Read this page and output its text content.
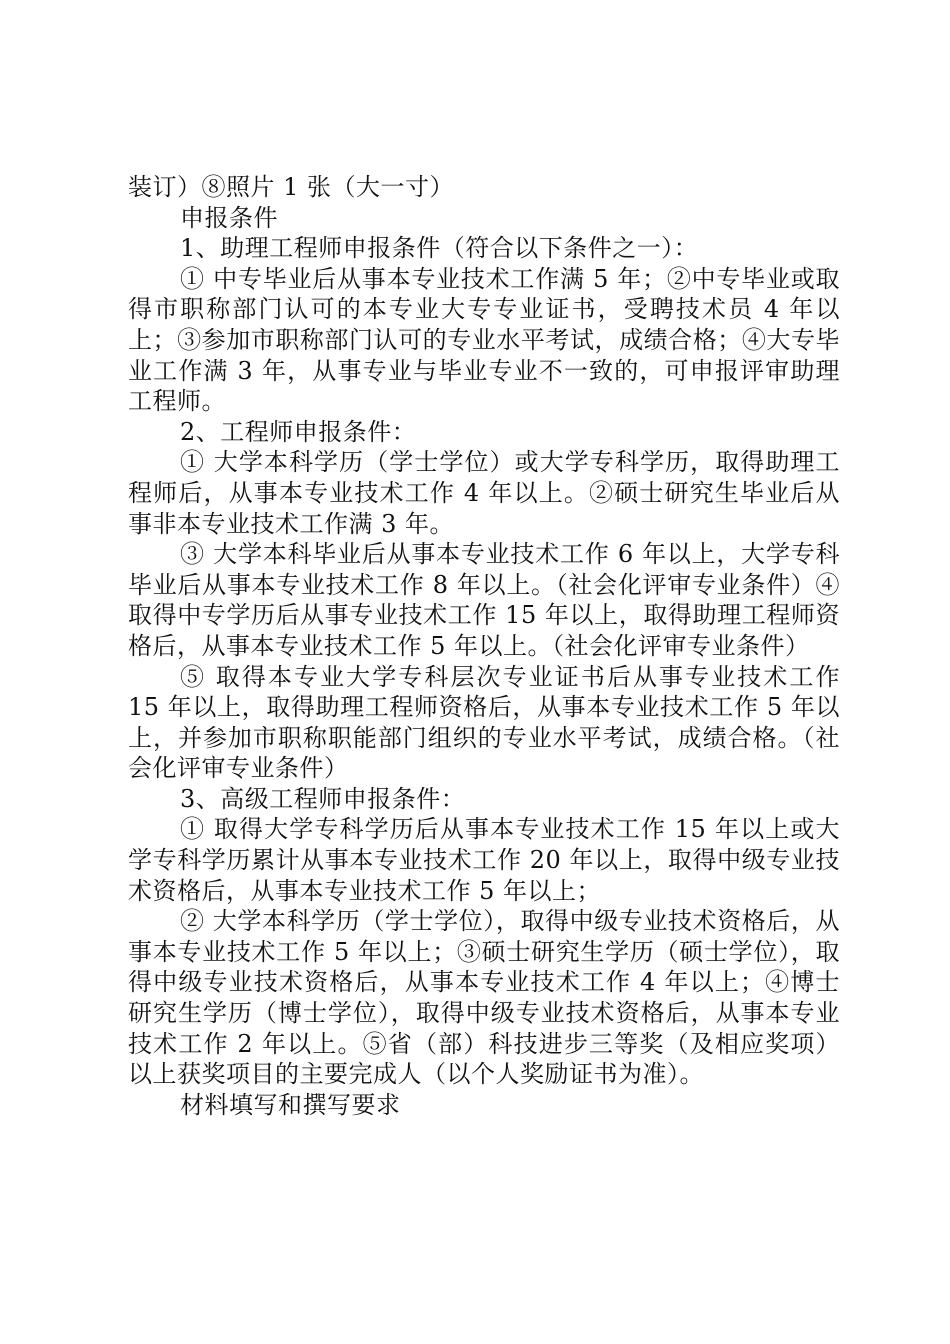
装订）⑧照片 1 张（大一寸）

申报条件

1、助理工程师申报条件（符合以下条件之一）：

① 中专毕业后从事本专业技术工作满 5 年；②中专毕业或取得市职称部门认可的本专业大专专业证书，受聘技术员 4 年以上；③参加市职称部门认可的专业水平考试，成绩合格；④大专毕业工作满 3 年，从事专业与毕业专业不一致的，可申报评审助理工程师。

2、工程师申报条件：

① 大学本科学历（学士学位）或大学专科学历，取得助理工程师后，从事本专业技术工作 4 年以上。②硕士研究生毕业后从事非本专业技术工作满 3 年。

③ 大学本科毕业后从事本专业技术工作 6 年以上，大学专科毕业后从事本专业技术工作 8 年以上。（社会化评审专业条件）④取得中专学历后从事专业技术工作 15 年以上，取得助理工程师资格后，从事本专业技术工作 5 年以上。（社会化评审专业条件）

⑤ 取得本专业大学专科层次专业证书后从事专业技术工作 15 年以上，取得助理工程师资格后，从事本专业技术工作 5 年以上，并参加市职称职能部门组织的专业水平考试，成绩合格。（社会化评审专业条件）

3、高级工程师申报条件：

① 取得大学专科学历后从事本专业技术工作 15 年以上或大学专科学历累计从事本专业技术工作 20 年以上，取得中级专业技术资格后，从事本专业技术工作 5 年以上；

② 大学本科学历（学士学位），取得中级专业技术资格后，从事本专业技术工作 5 年以上；③硕士研究生学历（硕士学位），取得中级专业技术资格后，从事本专业技术工作 4 年以上；④博士研究生学历（博士学位），取得中级专业技术资格后，从事本专业技术工作 2 年以上。⑤省（部）科技进步三等奖（及相应奖项）以上获奖项目的主要完成人（以个人奖励证书为准）。

材料填写和撰写要求
